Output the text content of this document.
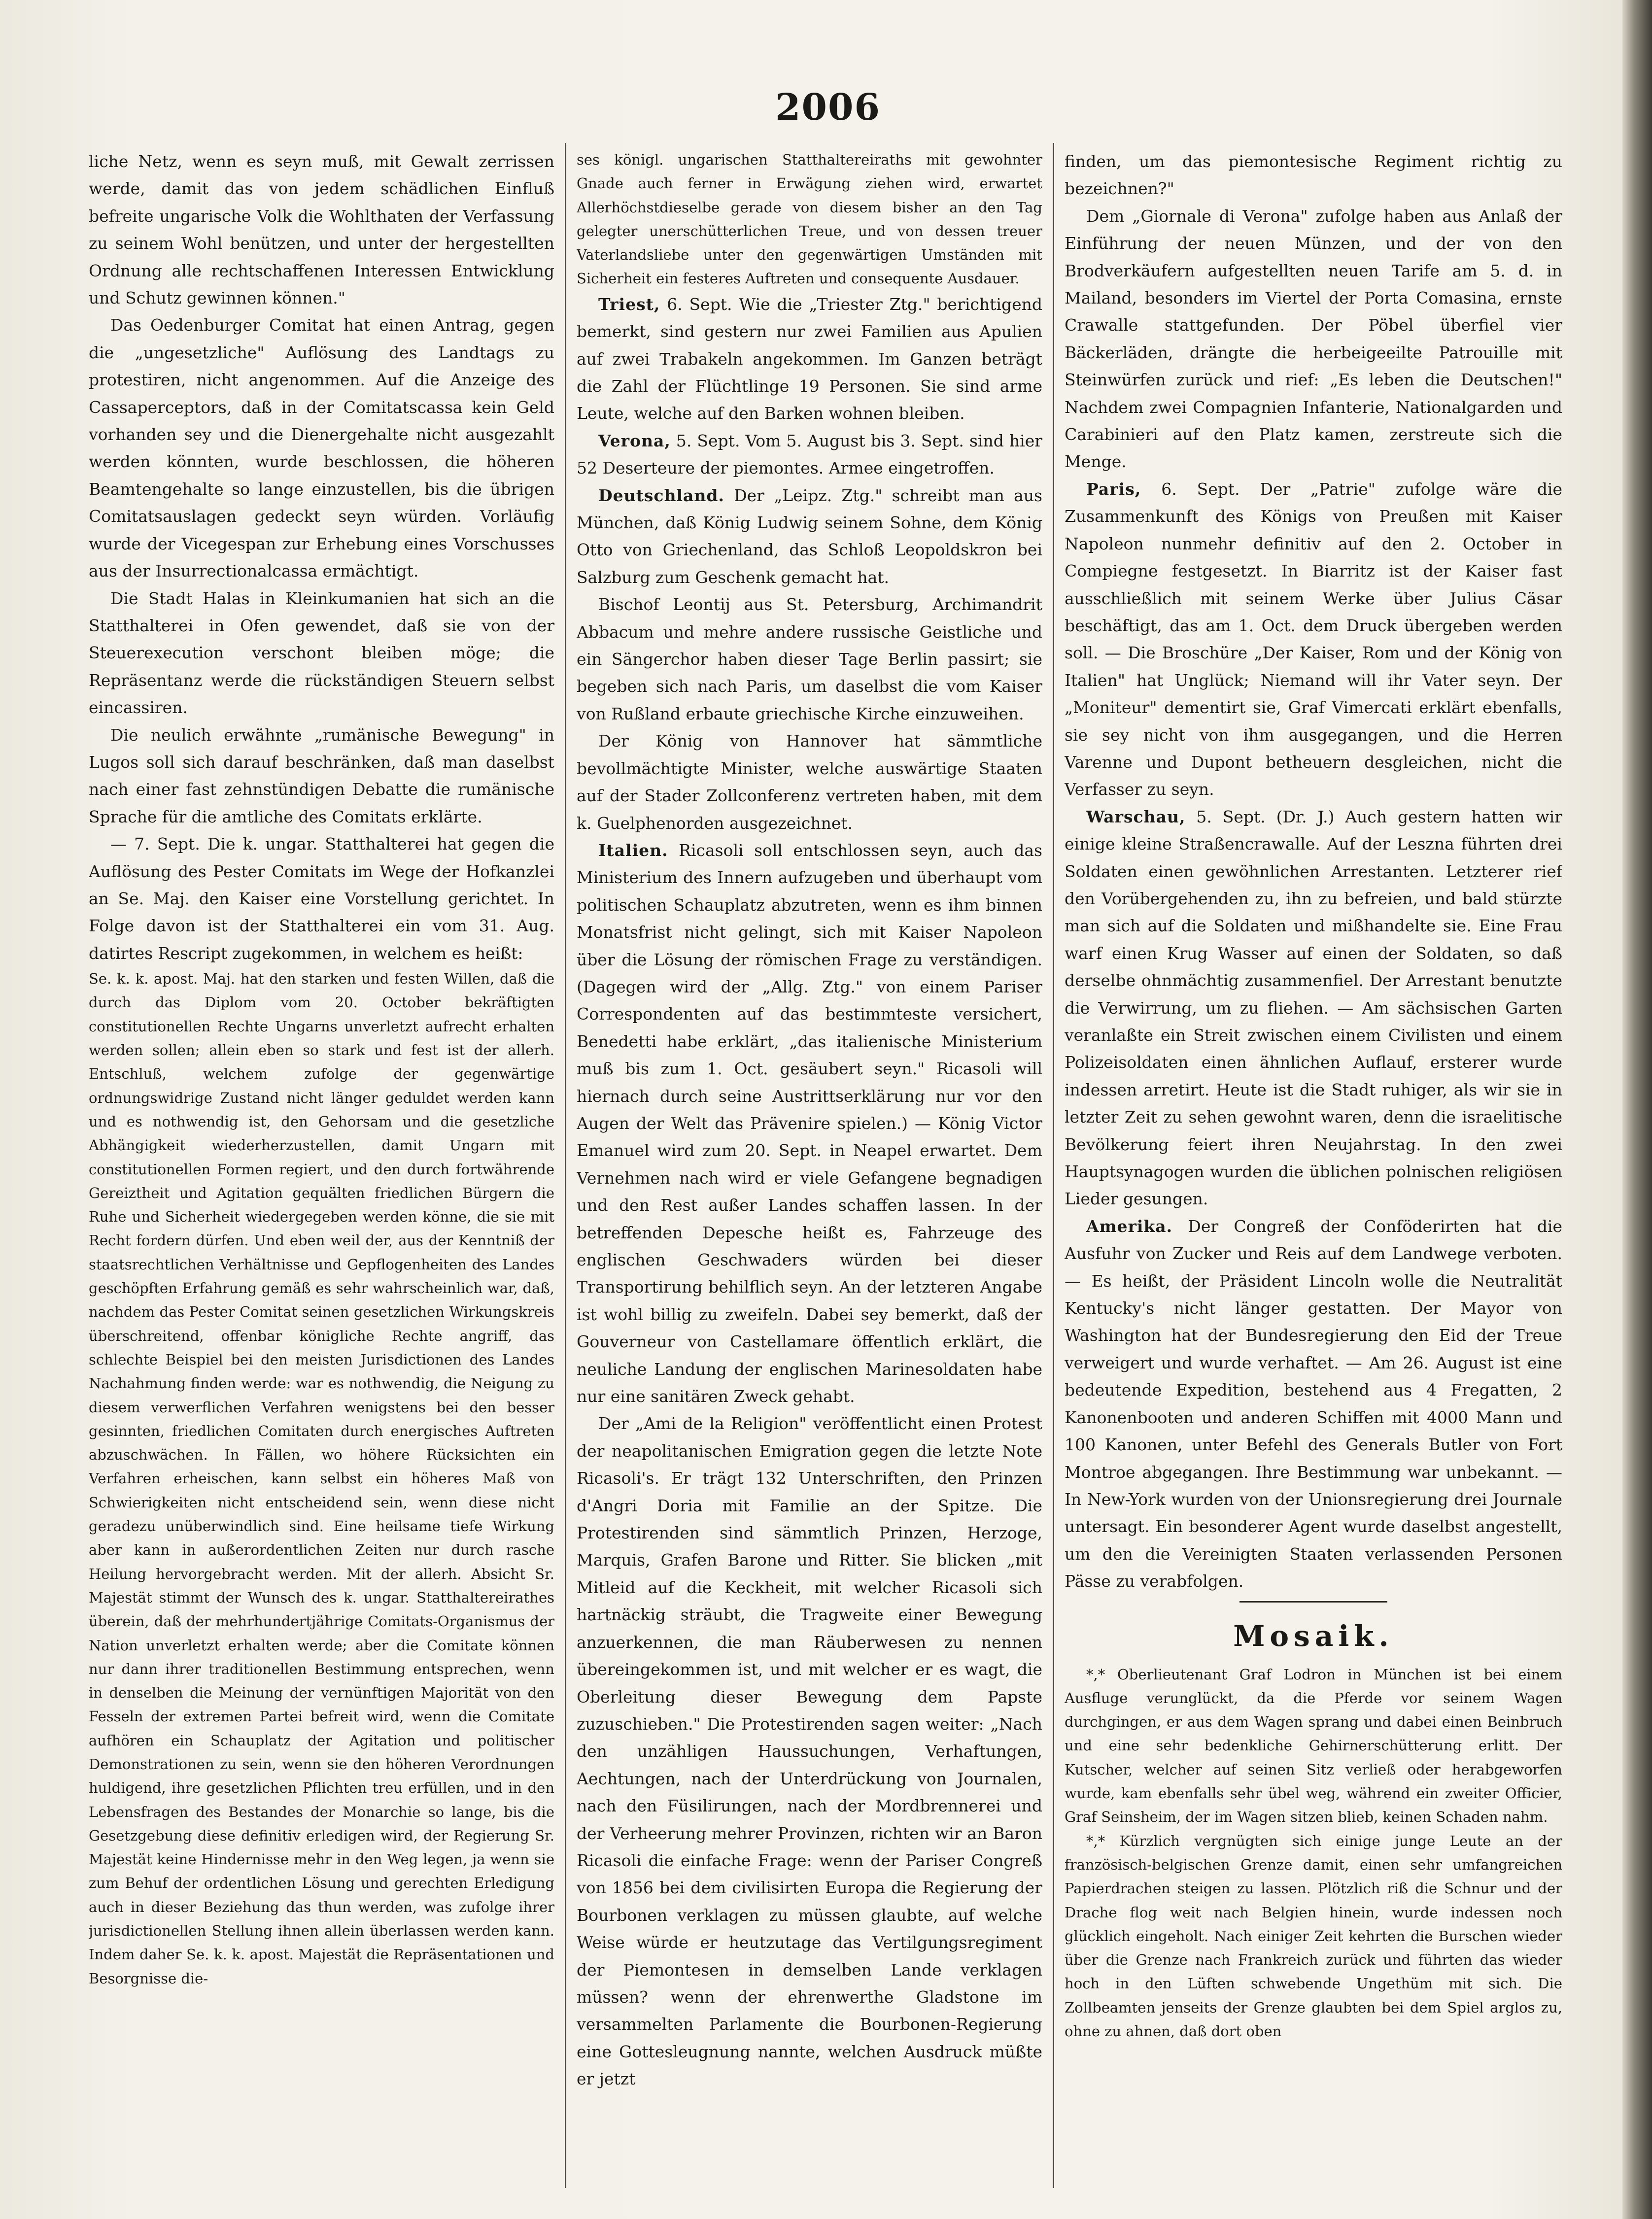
2006

liche Netz, wenn es seyn muß, mit Gewalt zerrissen werde, damit das von jedem schädlichen Einfluß befreite ungarische Volk die Wohlthaten der Verfassung zu seinem Wohl benützen, und unter der hergestellten Ordnung alle rechtschaffenen Interessen Entwicklung und Schutz gewinnen können."

Das Oedenburger Comitat hat einen Antrag, gegen die „ungesetzliche" Auflösung des Landtags zu protestiren, nicht angenommen. Auf die Anzeige des Cassaperceptors, daß in der Comitatscassa kein Geld vorhanden sey und die Dienergehalte nicht ausgezahlt werden könnten, wurde beschlossen, die höheren Beamtengehalte so lange einzustellen, bis die übrigen Comitatsauslagen gedeckt seyn würden. Vorläufig wurde der Vicegespan zur Erhebung eines Vorschusses aus der Insurrectionalcassa ermächtigt.

Die Stadt Halas in Kleinkumanien hat sich an die Statthalterei in Ofen gewendet, daß sie von der Steuerexecution verschont bleiben möge; die Repräsentanz werde die rückständigen Steuern selbst eincassiren.

Die neulich erwähnte „rumänische Bewegung" in Lugos soll sich darauf beschränken, daß man daselbst nach einer fast zehnstündigen Debatte die rumänische Sprache für die amtliche des Comitats erklärte.

— 7. Sept. Die k. ungar. Statthalterei hat gegen die Auflösung des Pester Comitats im Wege der Hofkanzlei an Se. Maj. den Kaiser eine Vorstellung gerichtet. In Folge davon ist der Statthalterei ein vom 31. Aug. datirtes Rescript zugekommen, in welchem es heißt:

Se. k. k. apost. Maj. hat den starken und festen Willen, daß die durch das Diplom vom 20. October bekräftigten constitutionellen Rechte Ungarns unverletzt aufrecht erhalten werden sollen; allein eben so stark und fest ist der allerh. Entschluß, welchem zufolge der gegenwärtige ordnungswidrige Zustand nicht länger geduldet werden kann und es nothwendig ist, den Gehorsam und die gesetzliche Abhängigkeit wiederherzustellen, damit Ungarn mit constitutionellen Formen regiert, und den durch fortwährende Gereiztheit und Agitation gequälten friedlichen Bürgern die Ruhe und Sicherheit wiedergegeben werden könne, die sie mit Recht fordern dürfen. Und eben weil der, aus der Kenntniß der staatsrechtlichen Verhältnisse und Gepflogenheiten des Landes geschöpften Erfahrung gemäß es sehr wahrscheinlich war, daß, nachdem das Pester Comitat seinen gesetzlichen Wirkungskreis überschreitend, offenbar königliche Rechte angriff, das schlechte Beispiel bei den meisten Jurisdictionen des Landes Nachahmung finden werde: war es nothwendig, die Neigung zu diesem verwerflichen Verfahren wenigstens bei den besser gesinnten, friedlichen Comitaten durch energisches Auftreten abzuschwächen. In Fällen, wo höhere Rücksichten ein Verfahren erheischen, kann selbst ein höheres Maß von Schwierigkeiten nicht entscheidend sein, wenn diese nicht geradezu unüberwindlich sind. Eine heilsame tiefe Wirkung aber kann in außerordentlichen Zeiten nur durch rasche Heilung hervorgebracht werden. Mit der allerh. Absicht Sr. Majestät stimmt der Wunsch des k. ungar. Statthaltereirathes überein, daß der mehrhundertjährige Comitats-Organismus der Nation unverletzt erhalten werde; aber die Comitate können nur dann ihrer traditionellen Bestimmung entsprechen, wenn in denselben die Meinung der vernünftigen Majorität von den Fesseln der extremen Partei befreit wird, wenn die Comitate aufhören ein Schauplatz der Agitation und politischer Demonstrationen zu sein, wenn sie den höheren Verordnungen huldigend, ihre gesetzlichen Pflichten treu erfüllen, und in den Lebensfragen des Bestandes der Monarchie so lange, bis die Gesetzgebung diese definitiv erledigen wird, der Regierung Sr. Majestät keine Hindernisse mehr in den Weg legen, ja wenn sie zum Behuf der ordentlichen Lösung und gerechten Erledigung auch in dieser Beziehung das thun werden, was zufolge ihrer jurisdictionellen Stellung ihnen allein überlassen werden kann. Indem daher Se. k. k. apost. Majestät die Repräsentationen und Besorgnisse die-

ses königl. ungarischen Statthaltereiraths mit gewohnter Gnade auch ferner in Erwägung ziehen wird, erwartet Allerhöchstdieselbe gerade von diesem bisher an den Tag gelegter unerschütterlichen Treue, und von dessen treuer Vaterlandsliebe unter den gegenwärtigen Umständen mit Sicherheit ein festeres Auftreten und consequente Ausdauer.

Triest, 6. Sept. Wie die „Triester Ztg." berichtigend bemerkt, sind gestern nur zwei Familien aus Apulien auf zwei Trabakeln angekommen. Im Ganzen beträgt die Zahl der Flüchtlinge 19 Personen. Sie sind arme Leute, welche auf den Barken wohnen bleiben.

Verona, 5. Sept. Vom 5. August bis 3. Sept. sind hier 52 Deserteure der piemontes. Armee eingetroffen.

Deutschland. Der „Leipz. Ztg." schreibt man aus München, daß König Ludwig seinem Sohne, dem König Otto von Griechenland, das Schloß Leopoldskron bei Salzburg zum Geschenk gemacht hat.

Bischof Leontij aus St. Petersburg, Archimandrit Abbacum und mehre andere russische Geistliche und ein Sängerchor haben dieser Tage Berlin passirt; sie begeben sich nach Paris, um daselbst die vom Kaiser von Rußland erbaute griechische Kirche einzuweihen.

Der König von Hannover hat sämmtliche bevollmächtigte Minister, welche auswärtige Staaten auf der Stader Zollconferenz vertreten haben, mit dem k. Guelphenorden ausgezeichnet.

Italien. Ricasoli soll entschlossen seyn, auch das Ministerium des Innern aufzugeben und überhaupt vom politischen Schauplatz abzutreten, wenn es ihm binnen Monatsfrist nicht gelingt, sich mit Kaiser Napoleon über die Lösung der römischen Frage zu verständigen. (Dagegen wird der „Allg. Ztg." von einem Pariser Correspondenten auf das bestimmteste versichert, Benedetti habe erklärt, „das italienische Ministerium muß bis zum 1. Oct. gesäubert seyn." Ricasoli will hiernach durch seine Austrittserklärung nur vor den Augen der Welt das Prävenire spielen.) — König Victor Emanuel wird zum 20. Sept. in Neapel erwartet. Dem Vernehmen nach wird er viele Gefangene begnadigen und den Rest außer Landes schaffen lassen. In der betreffenden Depesche heißt es, Fahrzeuge des englischen Geschwaders würden bei dieser Transportirung behilflich seyn. An der letzteren Angabe ist wohl billig zu zweifeln. Dabei sey bemerkt, daß der Gouverneur von Castellamare öffentlich erklärt, die neuliche Landung der englischen Marinesoldaten habe nur eine sanitären Zweck gehabt.

Der „Ami de la Religion" veröffentlicht einen Protest der neapolitanischen Emigration gegen die letzte Note Ricasoli's. Er trägt 132 Unterschriften, den Prinzen d'Angri Doria mit Familie an der Spitze. Die Protestirenden sind sämmtlich Prinzen, Herzoge, Marquis, Grafen Barone und Ritter. Sie blicken „mit Mitleid auf die Keckheit, mit welcher Ricasoli sich hartnäckig sträubt, die Tragweite einer Bewegung anzuerkennen, die man Räuberwesen zu nennen übereingekommen ist, und mit welcher er es wagt, die Oberleitung dieser Bewegung dem Papste zuzuschieben." Die Protestirenden sagen weiter: „Nach den unzähligen Haussuchungen, Verhaftungen, Aechtungen, nach der Unterdrückung von Journalen, nach den Füsilirungen, nach der Mordbrennerei und der Verheerung mehrer Provinzen, richten wir an Baron Ricasoli die einfache Frage: wenn der Pariser Congreß von 1856 bei dem civilisirten Europa die Regierung der Bourbonen verklagen zu müssen glaubte, auf welche Weise würde er heutzutage das Vertilgungsregiment der Piemontesen in demselben Lande verklagen müssen? wenn der ehrenwerthe Gladstone im versammelten Parlamente die Bourbonen-Regierung eine Gottesleugnung nannte, welchen Ausdruck müßte er jetzt

finden, um das piemontesische Regiment richtig zu bezeichnen?"

Dem „Giornale di Verona" zufolge haben aus Anlaß der Einführung der neuen Münzen, und der von den Brodverkäufern aufgestellten neuen Tarife am 5. d. in Mailand, besonders im Viertel der Porta Comasina, ernste Crawalle stattgefunden. Der Pöbel überfiel vier Bäckerläden, drängte die herbeigeeilte Patrouille mit Steinwürfen zurück und rief: „Es leben die Deutschen!" Nachdem zwei Compagnien Infanterie, Nationalgarden und Carabinieri auf den Platz kamen, zerstreute sich die Menge.

Paris, 6. Sept. Der „Patrie" zufolge wäre die Zusammenkunft des Königs von Preußen mit Kaiser Napoleon nunmehr definitiv auf den 2. October in Compiegne festgesetzt. In Biarritz ist der Kaiser fast ausschließlich mit seinem Werke über Julius Cäsar beschäftigt, das am 1. Oct. dem Druck übergeben werden soll. — Die Broschüre „Der Kaiser, Rom und der König von Italien" hat Unglück; Niemand will ihr Vater seyn. Der „Moniteur" dementirt sie, Graf Vimercati erklärt ebenfalls, sie sey nicht von ihm ausgegangen, und die Herren Varenne und Dupont betheuern desgleichen, nicht die Verfasser zu seyn.

Warschau, 5. Sept. (Dr. J.) Auch gestern hatten wir einige kleine Straßencrawalle. Auf der Leszna führten drei Soldaten einen gewöhnlichen Arrestanten. Letzterer rief den Vorübergehenden zu, ihn zu befreien, und bald stürzte man sich auf die Soldaten und mißhandelte sie. Eine Frau warf einen Krug Wasser auf einen der Soldaten, so daß derselbe ohnmächtig zusammenfiel. Der Arrestant benutzte die Verwirrung, um zu fliehen. — Am sächsischen Garten veranlaßte ein Streit zwischen einem Civilisten und einem Polizeisoldaten einen ähnlichen Auflauf, ersterer wurde indessen arretirt. Heute ist die Stadt ruhiger, als wir sie in letzter Zeit zu sehen gewohnt waren, denn die israelitische Bevölkerung feiert ihren Neujahrstag. In den zwei Hauptsynagogen wurden die üblichen polnischen religiösen Lieder gesungen.

Amerika. Der Congreß der Conföderirten hat die Ausfuhr von Zucker und Reis auf dem Landwege verboten. — Es heißt, der Präsident Lincoln wolle die Neutralität Kentucky's nicht länger gestatten. Der Mayor von Washington hat der Bundesregierung den Eid der Treue verweigert und wurde verhaftet. — Am 26. August ist eine bedeutende Expedition, bestehend aus 4 Fregatten, 2 Kanonenbooten und anderen Schiffen mit 4000 Mann und 100 Kanonen, unter Befehl des Generals Butler von Fort Montroe abgegangen. Ihre Bestimmung war unbekannt. — In New-York wurden von der Unionsregierung drei Journale untersagt. Ein besonderer Agent wurde daselbst angestellt, um den die Vereinigten Staaten verlassenden Personen Pässe zu verabfolgen.

Mosaik.

*,* Oberlieutenant Graf Lodron in München ist bei einem Ausfluge verunglückt, da die Pferde vor seinem Wagen durchgingen, er aus dem Wagen sprang und dabei einen Beinbruch und eine sehr bedenkliche Gehirnerschütterung erlitt. Der Kutscher, welcher auf seinen Sitz verließ oder herabgeworfen wurde, kam ebenfalls sehr übel weg, während ein zweiter Officier, Graf Seinsheim, der im Wagen sitzen blieb, keinen Schaden nahm.

*,* Kürzlich vergnügten sich einige junge Leute an der französisch-belgischen Grenze damit, einen sehr umfangreichen Papierdrachen steigen zu lassen. Plötzlich riß die Schnur und der Drache flog weit nach Belgien hinein, wurde indessen noch glücklich eingeholt. Nach einiger Zeit kehrten die Burschen wieder über die Grenze nach Frankreich zurück und führten das wieder hoch in den Lüften schwebende Ungethüm mit sich. Die Zollbeamten jenseits der Grenze glaubten bei dem Spiel arglos zu, ohne zu ahnen, daß dort oben
